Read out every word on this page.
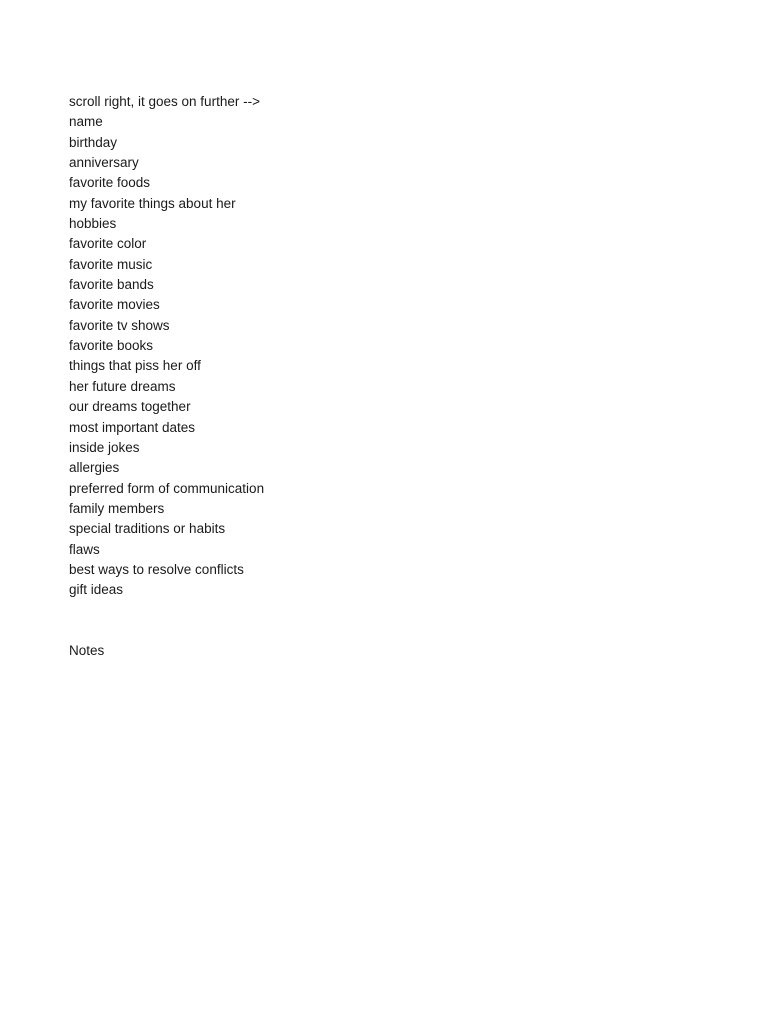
scroll right, it goes on further -->
name
birthday
anniversary
favorite foods
my favorite things about her
hobbies
favorite color
favorite music
favorite bands
favorite movies
favorite tv shows
favorite books
things that piss her off
her future dreams
our dreams together
most important dates
inside jokes
allergies
preferred form of communication
family members
special traditions or habits
flaws
best ways to resolve conflicts
gift ideas
Notes
